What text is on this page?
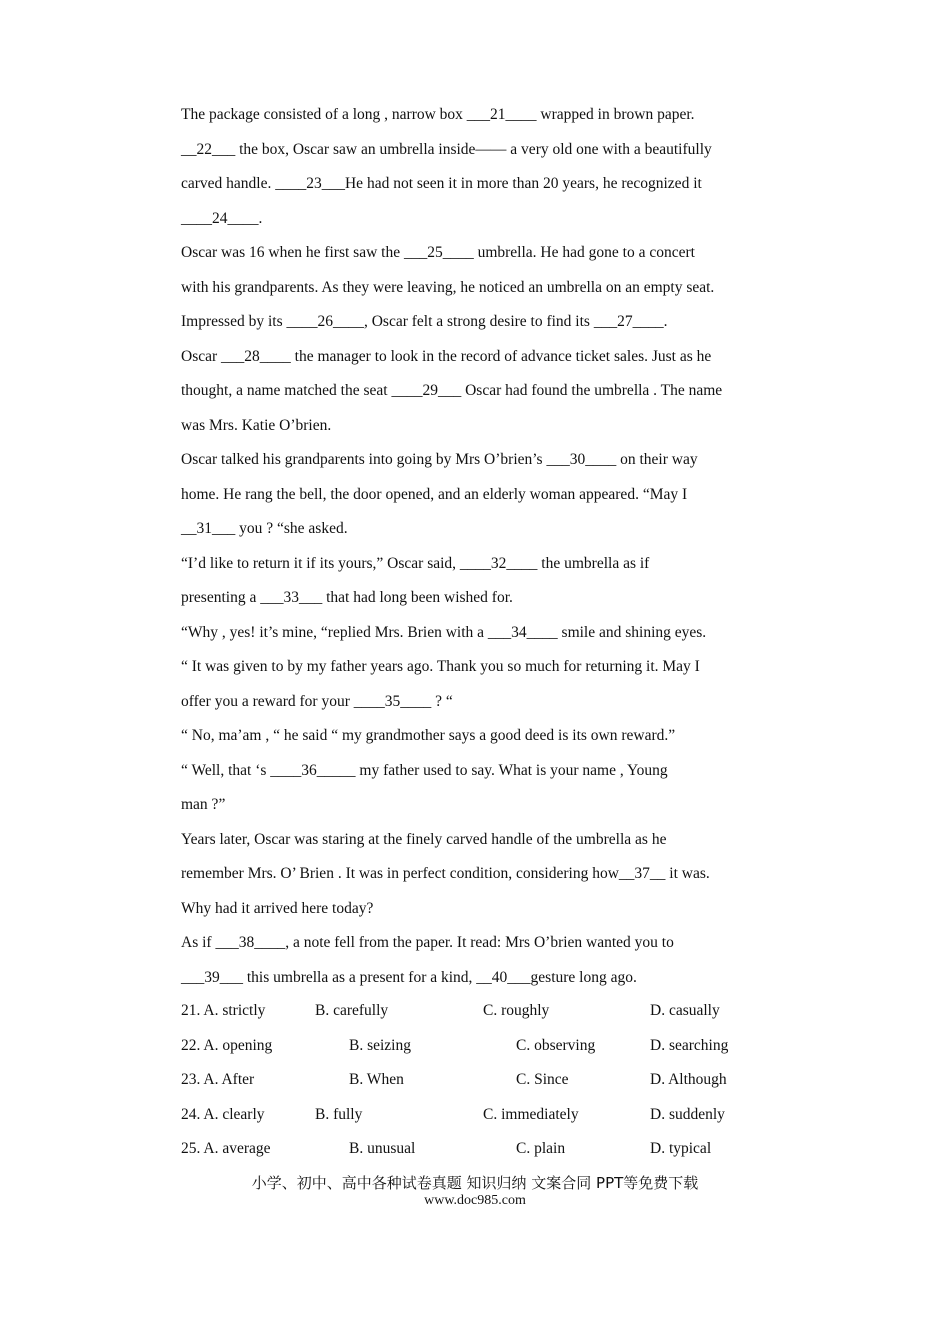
The package consisted of a long , narrow box ___21____ wrapped in brown paper.
__22___ the box, Oscar saw an umbrella inside—— a very old one with a beautifully
carved handle. ____23___He had not seen it in more than 20 years, he recognized it
____24____.
Oscar was 16 when he first saw the ___25____ umbrella. He had gone to a concert
with his grandparents. As they were leaving, he noticed an umbrella on an empty seat.
Impressed by its ____26____, Oscar felt a strong desire to find its ___27____.
Oscar ___28____ the manager to look in the record of advance ticket sales. Just as he
thought, a name matched the seat ____29___ Oscar had found the umbrella . The name
was Mrs. Katie O’brien.
Oscar talked his grandparents into going by Mrs O’brien’s ___30____ on their way
home. He rang the bell, the door opened, and an elderly woman appeared. “May I
__31___ you ? “she asked.
“I’d like to return it if its yours,” Oscar said, ____32____ the umbrella as if
presenting a ___33___ that had long been wished for.
“Why , yes! it’s mine, “replied Mrs. Brien with a ___34____ smile and shining eyes.
“ It was given to by my father years ago. Thank you so much for returning it. May I
offer you a reward for your ____35____ ? “
“ No, ma’am , “ he said “ my grandmother says a good deed is its own reward.”
“ Well, that ‘s ____36_____ my father used to say. What is your name , Young
man ?”
Years later, Oscar was staring at the finely carved handle of the umbrella as he
remember Mrs. O’ Brien . It was in perfect condition, considering how__37__ it was.
Why had it arrived here today?
As if ___38____, a note fell from the paper. It read: Mrs O’brien wanted you to
___39___ this umbrella as a present for a kind, __40___gesture long ago.
21. A. strictly	B. carefully	C. roughly	D. casually
22. A. opening	B. seizing	C. observing	D. searching
23. A. After	B. When	C. Since	D. Although
24. A. clearly	B. fully	C. immediately	D. suddenly
25. A. average	B. unusual	C. plain	D. typical
小学、初中、高中各种试卷真题 知识归纳 文案合同 PPT等免费下载
www.doc985.com
